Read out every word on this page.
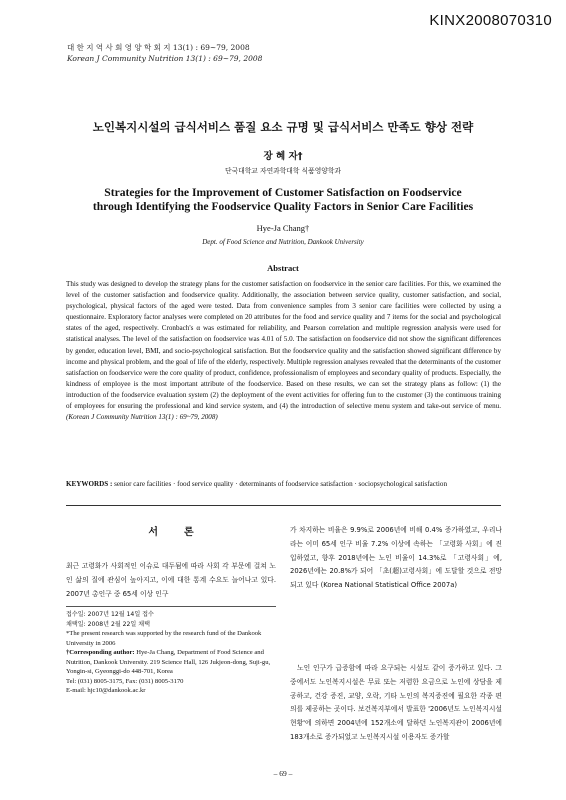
KINX2008070310
대 한 지 역 사 회 영 양 학 회 지 13(1) : 69~79, 2008
Korean J Community Nutrition 13(1) : 69~79, 2008
노인복지시설의 급식서비스 품질 요소 규명 및 급식서비스 만족도 향상 전략
장 혜 자†
단국대학교 자연과학대학 식품영양학과
Strategies for the Improvement of Customer Satisfaction on Foodservice
through Identifying the Foodservice Quality Factors in Senior Care Facilities
Hye-Ja Chang†
Dept. of Food Science and Nutrition, Dankook University
Abstract
This study was designed to develop the strategy plans for the customer satisfaction on foodservice in the senior care facilities. For this, we examined the level of the customer satisfaction and foodservice quality. Additionally, the association between service quality, customer satisfaction, and social, psychological, physical factors of the aged were tested. Data from convenience samples from 3 senior care facilities were collected by using a questionnaire. Exploratory factor analyses were completed on 20 attributes for the food and service quality and 7 items for the social and psychological states of the aged, respectively. Cronbach's α was estimated for reliability, and Pearson correlation and multiple regression analysis were used for statistical analyses. The level of the satisfaction on foodservice was 4.01 of 5.0. The satisfaction on foodservice did not show the significant differences by gender, education level, BMI, and socio-psychological satisfaction. But the foodservice quality and the satisfaction showed significant difference by income and physical problem, and the goal of life of the elderly, respectively. Multiple regression analyses revealed that the determinants of the customer satisfaction on foodservice were the core quality of product, confidence, professionalism of employees and secondary quality of products. Especially, the kindness of employee is the most important attribute of the foodservice. Based on these results, we can set the strategy plans as follow: (1) the introduction of the foodservice evaluation system (2) the deployment of the event activities for offering fun to the customer (3) the continuous training of employees for ensuring the professional and kind service system, and (4) the introduction of selective menu system and take-out service of menu. (Korean J Community Nutrition 13(1) : 69~79, 2008)
KEYWORDS : senior care facilities · food service quality · determinants of foodservice satisfaction · sociopsychological satisfaction
서론
최근 고령화가 사회적인 이슈로 대두됨에 따라 사회 각 부문에 걸쳐 노인 삶의 질에 관심이 높아지고, 이에 대한 통계 수요도 늘어나고 있다. 2007년 총인구 중 65세 이상 인구
접수일: 2007년 12월 14일 접수
채택일: 2008년 2월 22일 채택
*The present research was supported by the research fund of the Dankook University in 2006
†Corresponding author: Hye-Ja Chang, Department of Food Science and Nutrition, Dankook University. 219 Science Hall, 126 Jukjeon-dong, Suji-gu, Yongin-si, Gyeonggi-do 448-701, Korea
Tel: (031) 8005-3175, Fax: (031) 8005-3170
E-mail: hjc10@dankook.ac.kr
가 차지하는 비율은 9.9%로 2006년에 비해 0.4% 증가하였고, 우리나라는 이미 65세 인구 비율 7.2% 이상에 속하는 「고령화 사회」에 진입하였고, 향후 2018년에는 노인 비율이 14.3%로 「고령사회」에, 2026년에는 20.8%가 되어 「초(超)고령사회」에 도달할 것으로 전망되고 있다 (Korea National Statistical Office 2007a)
노인 인구가 급증함에 따라 요구되는 시설도 같이 증가하고 있다. 그 중에서도 노인복지시설은 무료 또는 저렴한 요금으로 노인에 상담을 제공하고, 건강 증진, 교양, 오락, 기타 노인의 복지증진에 필요한 각종 편의를 제공하는 곳이다. 보건복지부에서 발표한 '2006년도 노인복지시설 현황'에 의하면 2004년에 152개소에 달하던 노인복지관이 2006년에 183개소로 증가되었고 노인복지시설 이용자도 증가할
– 69 –
